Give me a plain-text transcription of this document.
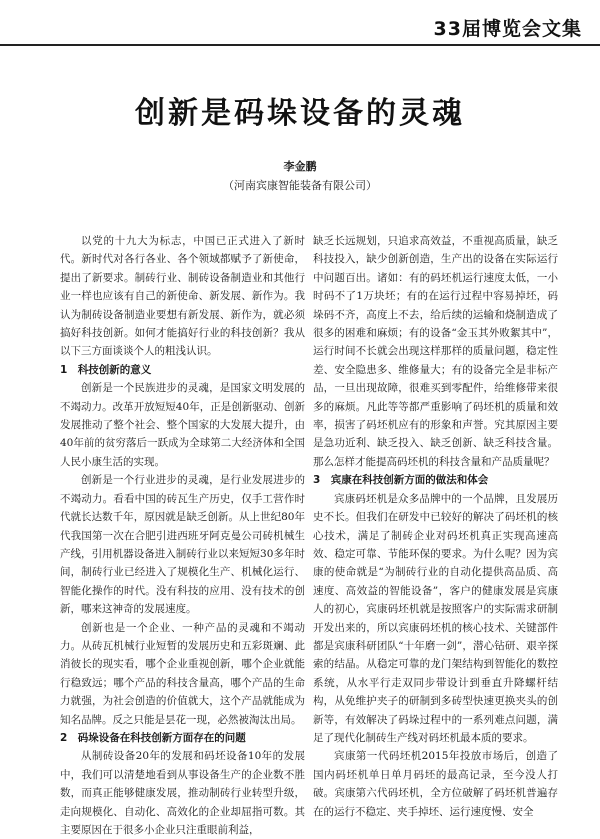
33届博览会文集
创新是码垛设备的灵魂
李金鹏
（河南宾康智能装备有限公司）

以党的十九大为标志，中国已正式进入了新时代。新时代对各行各业、各个领域都赋予了新使命，提出了新要求。制砖行业、制砖设备制造业和其他行业一样也应该有自己的新使命、新发展、新作为。我认为制砖设备制造业要想有新发展、新作为，就必须搞好科技创新。如何才能搞好行业的科技创新？我从以下三方面谈谈个人的粗浅认识。

1　科技创新的意义

创新是一个民族进步的灵魂，是国家文明发展的不竭动力。改革开放短短40年，正是创新驱动、创新发展推动了整个社会、整个国家的大发展大提升，由40年前的贫穷落后一跃成为全球第二大经济体和全国人民小康生活的实现。

创新是一个行业进步的灵魂，是行业发展进步的不竭动力。看看中国的砖瓦生产历史，仅手工营作时代就长达数千年，原因就是缺乏创新。从上世纪80年代我国第一次在合肥引进西班牙阿克曼公司砖机械生产线，引用机器设备进入制砖行业以来短短30多年时间，制砖行业已经进入了规模化生产、机械化运行、智能化操作的时代。没有科技的应用、没有技术的创新，哪来这神奇的发展速度。

创新也是一个企业、一种产品的灵魂和不竭动力。从砖瓦机械行业短暂的发展历史和五彩斑斓、此消彼长的现实看，哪个企业重视创新，哪个企业就能行稳致远；哪个产品的科技含量高，哪个产品的生命力就强，为社会创造的价值就大，这个产品就能成为知名品牌。反之只能是昙花一现，必然被淘汰出局。

2　码垛设备在科技创新方面存在的问题

从制砖设备20年的发展和码坯设备10年的发展中，我们可以清楚地看到从事设备生产的企业数不胜数，而真正能够健康发展，推动制砖行业转型升级，走向规模化、自动化、高效化的企业却屈指可数。其主要原因在于很多小企业只注重眼前利益，

缺乏长远规划，只追求高效益，不重视高质量，缺乏科技投入，缺少创新创造，生产出的设备在实际运行中问题百出。诸如：有的码坯机运行速度太低，一小时码不了1万块坯；有的在运行过程中容易掉坯，码垛码不齐，高度上不去，给后续的运输和烧制造成了很多的困难和麻烦；有的设备“金玉其外败絮其中”，运行时间不长就会出现这样那样的质量问题，稳定性差、安全隐患多、维修量大；有的设备完全是非标产品，一旦出现故障，很难买到零配件，给维修带来很多的麻烦。凡此等等都严重影响了码坯机的质量和效率，损害了码坯机应有的形象和声誉。究其原因主要是急功近利、缺乏投入、缺乏创新、缺乏科技含量。那么怎样才能提高码坯机的科技含量和产品质量呢？

3　宾康在科技创新方面的做法和体会

宾康码坯机是众多品牌中的一个品牌，且发展历史不长。但我们在研发中已较好的解决了码坯机的核心技术，满足了制砖企业对码坯机真正实现高速高效、稳定可靠、节能环保的要求。为什么呢？因为宾康的使命就是“为制砖行业的自动化提供高品质、高速度、高效益的智能设备”，客户的健康发展是宾康人的初心，宾康码坯机就是按照客户的实际需求研制开发出来的，所以宾康码坯机的核心技术、关键部件都是宾康科研团队“十年磨一剑”，潜心钻研、艰辛探索的结晶。从稳定可靠的龙门架结构到智能化的数控系统，从水平行走双同步带设计到垂直升降螺杆结构，从免维护夹子的研制到多砖型快速更换夹头的创新等，有效解决了码垛过程中的一系列难点问题，满足了现代化制砖生产线对码坯机最本质的要求。

宾康第一代码坯机2015年投放市场后，创造了国内码坯机单日单月码坯的最高记录，至今没人打破。宾康第六代码坯机，全方位破解了码坯机普遍存在的运行不稳定、夹手掉坯、运行速度慢、安全
